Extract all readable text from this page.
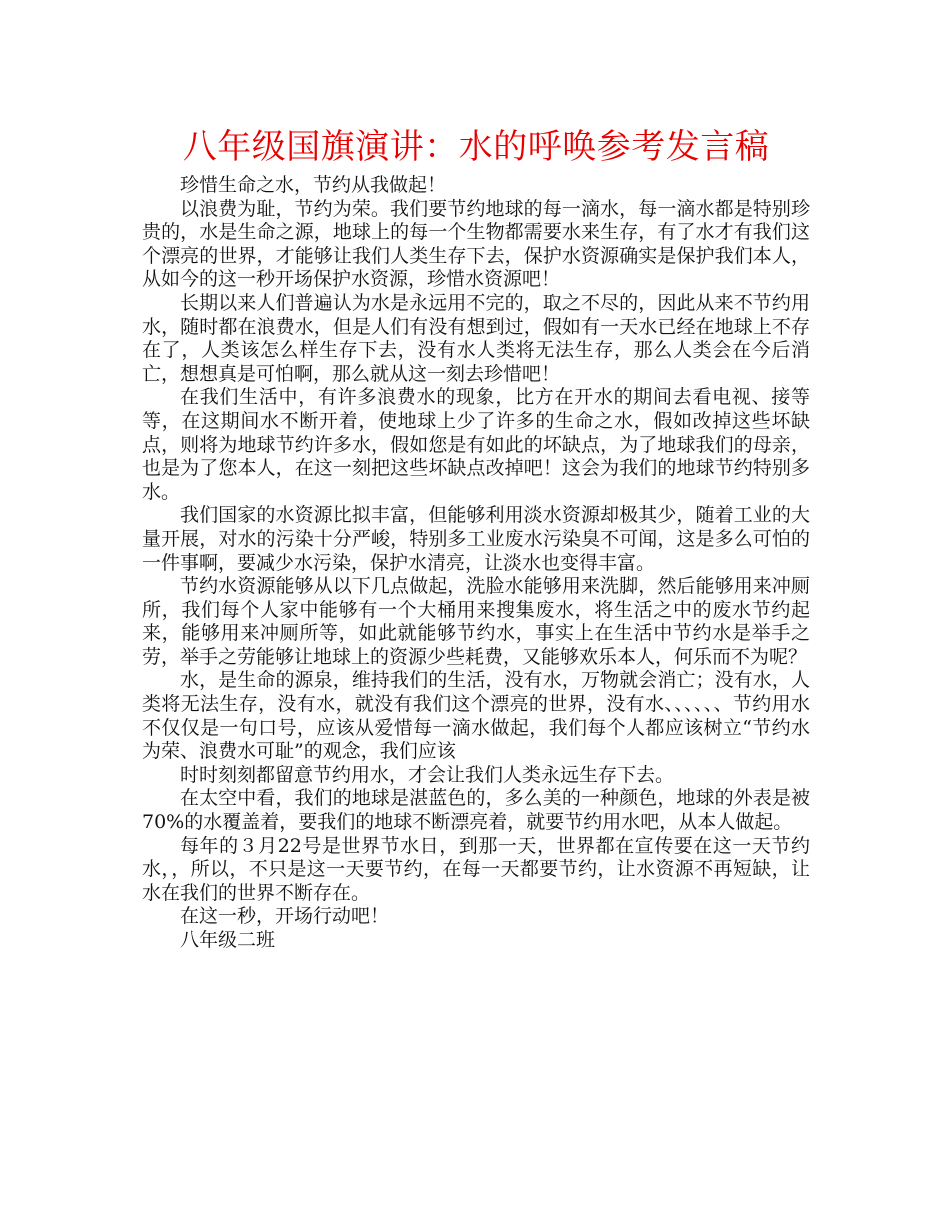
八年级国旗演讲：水的呼唤参考发言稿

珍惜生命之水，节约从我做起！

以浪费为耻，节约为荣。我们要节约地球的每一滴水，每一滴水都是特别珍贵的，水是生命之源，地球上的每一个生物都需要水来生存，有了水才有我们这个漂亮的世界，才能够让我们人类生存下去，保护水资源确实是保护我们本人，从如今的这一秒开场保护水资源，珍惜水资源吧！

长期以来人们普遍认为水是永远用不完的，取之不尽的，因此从来不节约用水，随时都在浪费水，但是人们有没有想到过，假如有一天水已经在地球上不存在了，人类该怎么样生存下去，没有水人类将无法生存，那么人类会在今后消亡，想想真是可怕啊，那么就从这一刻去珍惜吧！

在我们生活中，有许多浪费水的现象，比方在开水的期间去看电视、接等等，在这期间水不断开着，使地球上少了许多的生命之水，假如改掉这些坏缺点，则将为地球节约许多水，假如您是有如此的坏缺点，为了地球我们的母亲，也是为了您本人，在这一刻把这些坏缺点改掉吧！这会为我们的地球节约特别多水。

我们国家的水资源比拟丰富，但能够利用淡水资源却极其少，随着工业的大量开展，对水的污染十分严峻，特别多工业废水污染臭不可闻，这是多么可怕的一件事啊，要减少水污染，保护水清亮，让淡水也变得丰富。

节约水资源能够从以下几点做起，洗脸水能够用来洗脚，然后能够用来冲厕所，我们每个人家中能够有一个大桶用来搜集废水，将生活之中的废水节约起来，能够用来冲厕所等，如此就能够节约水，事实上在生活中节约水是举手之劳，举手之劳能够让地球上的资源少些耗费，又能够欢乐本人，何乐而不为呢？

水，是生命的源泉，维持我们的生活，没有水，万物就会消亡；没有水，人类将无法生存，没有水，就没有我们这个漂亮的世界，没有水、、、、、、节约用水不仅仅是一句口号，应该从爱惜每一滴水做起，我们每个人都应该树立“节约水为荣、浪费水可耻”的观念，我们应该

时时刻刻都留意节约用水，才会让我们人类永远生存下去。

在太空中看，我们的地球是湛蓝色的，多么美的一种颜色，地球的外表是被70%的水覆盖着，要我们的地球不断漂亮着，就要节约用水吧，从本人做起。

每年的３月22号是世界节水日，到那一天，世界都在宣传要在这一天节约水，，所以，不只是这一天要节约，在每一天都要节约，让水资源不再短缺，让水在我们的世界不断存在。

在这一秒，开场行动吧！

八年级二班
